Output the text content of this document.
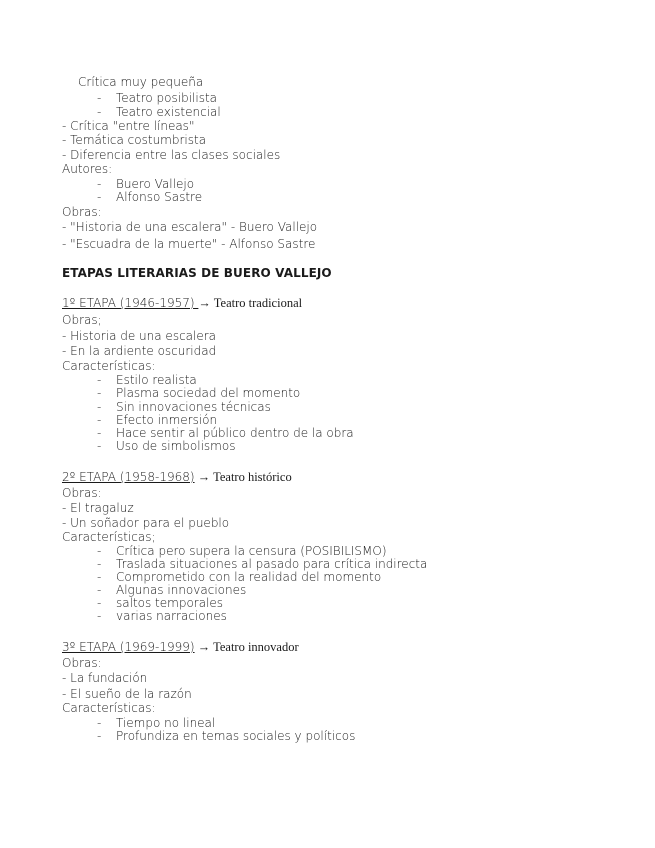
Crítica muy pequeña
- Teatro posibilista
- Teatro existencial
- Crítica "entre líneas"
- Temática costumbrista
- Diferencia entre las clases sociales
Autores:
- Buero Vallejo
- Alfonso Sastre
Obras:
- "Historia de una escalera" - Buero Vallejo
- "Escuadra de la muerte" - Alfonso Sastre
ETAPAS LITERARIAS DE BUERO VALLEJO
1º ETAPA (1946-1957) → Teatro tradicional
Obras;
- Historia de una escalera
- En la ardiente oscuridad
Características:
- Estilo realista
- Plasma sociedad del momento
- Sin innovaciones técnicas
- Efecto inmersión
- Hace sentir al público dentro de la obra
- Uso de simbolismos
2º ETAPA (1958-1968) → Teatro histórico
Obras:
- El tragaluz
- Un soñador para el pueblo
Características;
- Crítica pero supera la censura (POSIBILISMO)
- Traslada situaciones al pasado para crítica indirecta
- Comprometido con la realidad del momento
- Algunas innovaciones
- saltos temporales
- varias narraciones
3º ETAPA (1969-1999) → Teatro innovador
Obras:
- La fundación
- El sueño de la razón
Características:
- Tiempo no lineal
- Profundiza en temas sociales y políticos
